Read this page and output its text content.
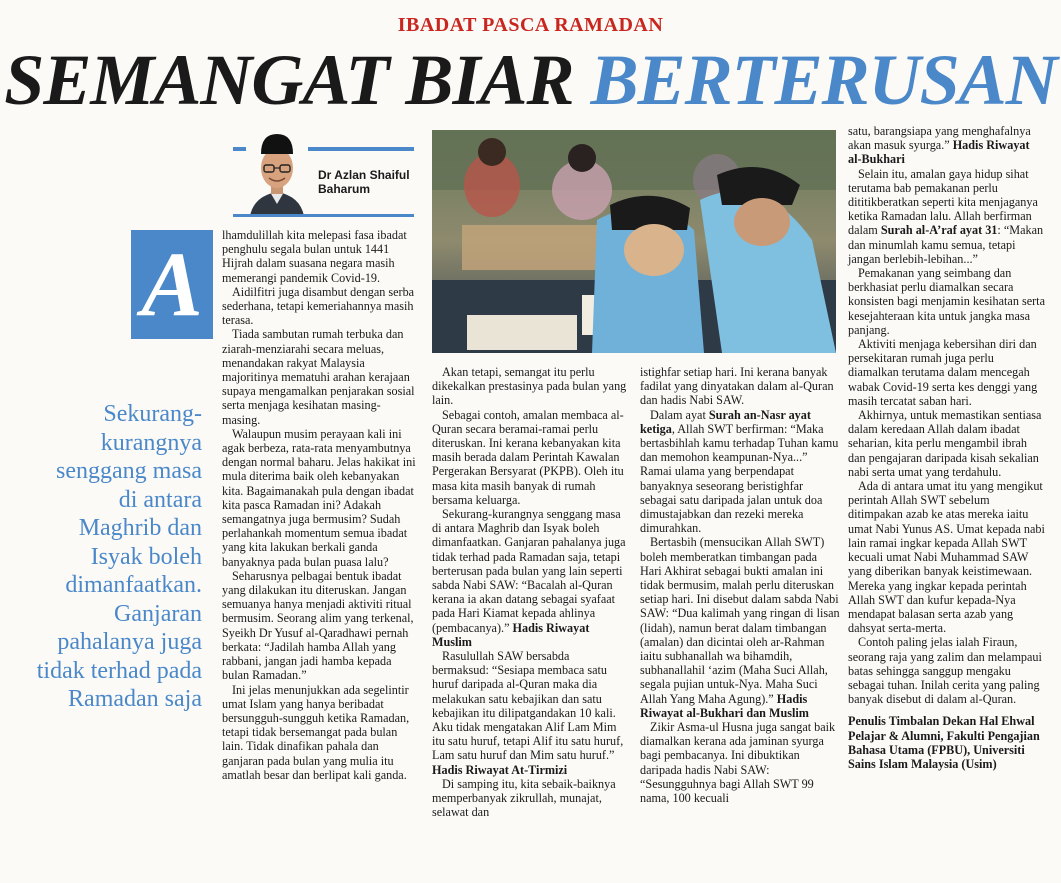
IBADAT PASCA RAMADAN
SEMANGAT BIAR BERTERUSAN
Dr Azlan Shaiful Baharum
A
Sekurang-kurangnya senggang masa di antara Maghrib dan Isyak boleh dimanfaatkan. Ganjaran pahalanya juga tidak terhad pada Ramadan saja

lhamdulillah kita melepasi fasa ibadat penghulu segala bulan untuk 1441 Hijrah dalam suasana negara masih memerangi pandemik Covid-19.

Aidilfitri juga disambut dengan serba sederhana, tetapi kemeriahannya masih terasa.

Tiada sambutan rumah terbuka dan ziarah-menziarahi secara meluas, menandakan rakyat Malaysia majoritinya mematuhi arahan kerajaan supaya mengamalkan penjarakan sosial serta menjaga kesihatan masing-masing.

Walaupun musim perayaan kali ini agak berbeza, rata-rata menyambutnya dengan normal baharu. Jelas hakikat ini mula diterima baik oleh kebanyakan kita. Bagaimanakah pula dengan ibadat kita pasca Ramadan ini? Adakah semangatnya juga bermusim? Sudah perlahankah momentum semua ibadat yang kita lakukan berkali ganda banyaknya pada bulan puasa lalu?

Seharusnya pelbagai bentuk ibadat yang dilakukan itu diteruskan. Jangan semuanya hanya menjadi aktiviti ritual bermusim. Seorang alim yang terkenal, Syeikh Dr Yusuf al-Qaradhawi pernah berkata: “Jadilah hamba Allah yang rabbani, jangan jadi hamba kepada bulan Ramadan.”

Ini jelas menunjukkan ada segelintir umat Islam yang hanya beribadat bersungguh-sungguh ketika Ramadan, tetapi tidak bersemangat pada bulan lain. Tidak dinafikan pahala dan ganjaran pada bulan yang mulia itu amatlah besar dan berlipat kali ganda.

Akan tetapi, semangat itu perlu dikekalkan prestasinya pada bulan yang lain.

Sebagai contoh, amalan membaca al-Quran secara beramai-ramai perlu diteruskan. Ini kerana kebanyakan kita masih berada dalam Perintah Kawalan Pergerakan Bersyarat (PKPB). Oleh itu masa kita masih banyak di rumah bersama keluarga.

Sekurang-kurangnya senggang masa di antara Maghrib dan Isyak boleh dimanfaatkan. Ganjaran pahalanya juga tidak terhad pada Ramadan saja, tetapi berterusan pada bulan yang lain seperti sabda Nabi SAW: “Bacalah al-Quran kerana ia akan datang sebagai syafaat pada Hari Kiamat kepada ahlinya (pembacanya).” Hadis Riwayat Muslim

Rasulullah SAW bersabda bermaksud: “Sesiapa membaca satu huruf daripada al-Quran maka dia melakukan satu kebajikan dan satu kebajikan itu dilipatgandakan 10 kali. Aku tidak mengatakan Alif Lam Mim itu satu huruf, tetapi Alif itu satu huruf, Lam satu huruf dan Mim satu huruf.” Hadis Riwayat At-Tirmizi

Di samping itu, kita sebaik-baiknya memperbanyak zikrullah, munajat, selawat dan

istighfar setiap hari. Ini kerana banyak fadilat yang dinyatakan dalam al-Quran dan hadis Nabi SAW.

Dalam ayat Surah an-Nasr ayat ketiga, Allah SWT berfirman: “Maka bertasbihlah kamu terhadap Tuhan kamu dan memohon keampunan-Nya...” Ramai ulama yang berpendapat banyaknya seseorang beristighfar sebagai satu daripada jalan untuk doa dimustajabkan dan rezeki mereka dimurahkan.

Bertasbih (mensucikan Allah SWT) boleh memberatkan timbangan pada Hari Akhirat sebagai bukti amalan ini tidak bermusim, malah perlu diteruskan setiap hari. Ini disebut dalam sabda Nabi SAW: “Dua kalimah yang ringan di lisan (lidah), namun berat dalam timbangan (amalan) dan dicintai oleh ar-Rahman iaitu subhanallah wa bihamdih, subhanallahil ‘azim (Maha Suci Allah, segala pujian untuk-Nya. Maha Suci Allah Yang Maha Agung).” Hadis Riwayat al-Bukhari dan Muslim

Zikir Asma-ul Husna juga sangat baik diamalkan kerana ada jaminan syurga bagi pembacanya. Ini dibuktikan daripada hadis Nabi SAW: “Sesungguhnya bagi Allah SWT 99 nama, 100 kecuali

satu, barangsiapa yang menghafalnya akan masuk syurga.” Hadis Riwayat al-Bukhari

Selain itu, amalan gaya hidup sihat terutama bab pemakanan perlu dititikberatkan seperti kita menjaganya ketika Ramadan lalu. Allah berfirman dalam Surah al-A’raf ayat 31: “Makan dan minumlah kamu semua, tetapi jangan berlebih-lebihan...”

Pemakanan yang seimbang dan berkhasiat perlu diamalkan secara konsisten bagi menjamin kesihatan serta kesejahteraan kita untuk jangka masa panjang.

Aktiviti menjaga kebersihan diri dan persekitaran rumah juga perlu diamalkan terutama dalam mencegah wabak Covid-19 serta kes denggi yang masih tercatat saban hari.

Akhirnya, untuk memastikan sentiasa dalam keredaan Allah dalam ibadat seharian, kita perlu mengambil ibrah dan pengajaran daripada kisah sekalian nabi serta umat yang terdahulu.

Ada di antara umat itu yang mengikut perintah Allah SWT sebelum ditimpakan azab ke atas mereka iaitu umat Nabi Yunus AS. Umat kepada nabi lain ramai ingkar kepada Allah SWT kecuali umat Nabi Muhammad SAW yang diberikan banyak keistimewaan. Mereka yang ingkar kepada perintah Allah SWT dan kufur kepada-Nya mendapat balasan serta azab yang dahsyat serta-merta.

Contoh paling jelas ialah Firaun, seorang raja yang zalim dan melampaui batas sehingga sanggup mengaku sebagai tuhan. Inilah cerita yang paling banyak disebut di dalam al-Quran.

Penulis Timbalan Dekan Hal Ehwal Pelajar & Alumni, Fakulti Pengajian Bahasa Utama (FPBU), Universiti Sains Islam Malaysia (Usim)
